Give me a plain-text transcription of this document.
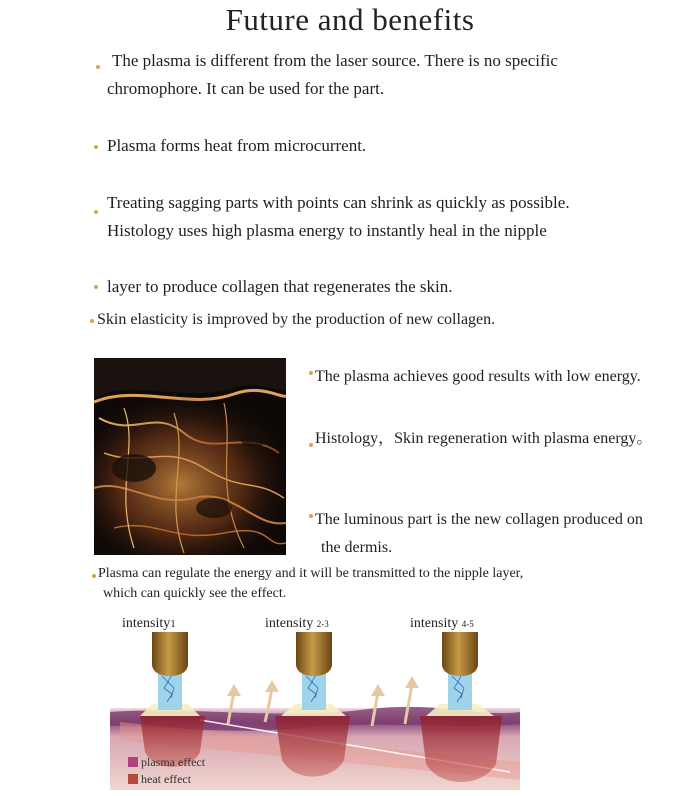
Future and benefits
The plasma is different from the laser source. There is no specific
chromophore. It can be used for the part.
Plasma forms heat from microcurrent.
Treating sagging parts with points can shrink as quickly as possible.
Histology uses high plasma energy to instantly heal in the nipple
layer to produce collagen that regenerates the skin.
Skin elasticity is improved by the production of new collagen.
The plasma achieves good results with low energy.
Histology，Skin regeneration with plasma energy。
The luminous part is the new collagen produced on
the dermis.
Plasma can regulate the energy and it will be transmitted to the nipple layer,
which can quickly see the effect.
intensity1	intensity 2-3	intensity 4-5
plasma effect
heat effect
